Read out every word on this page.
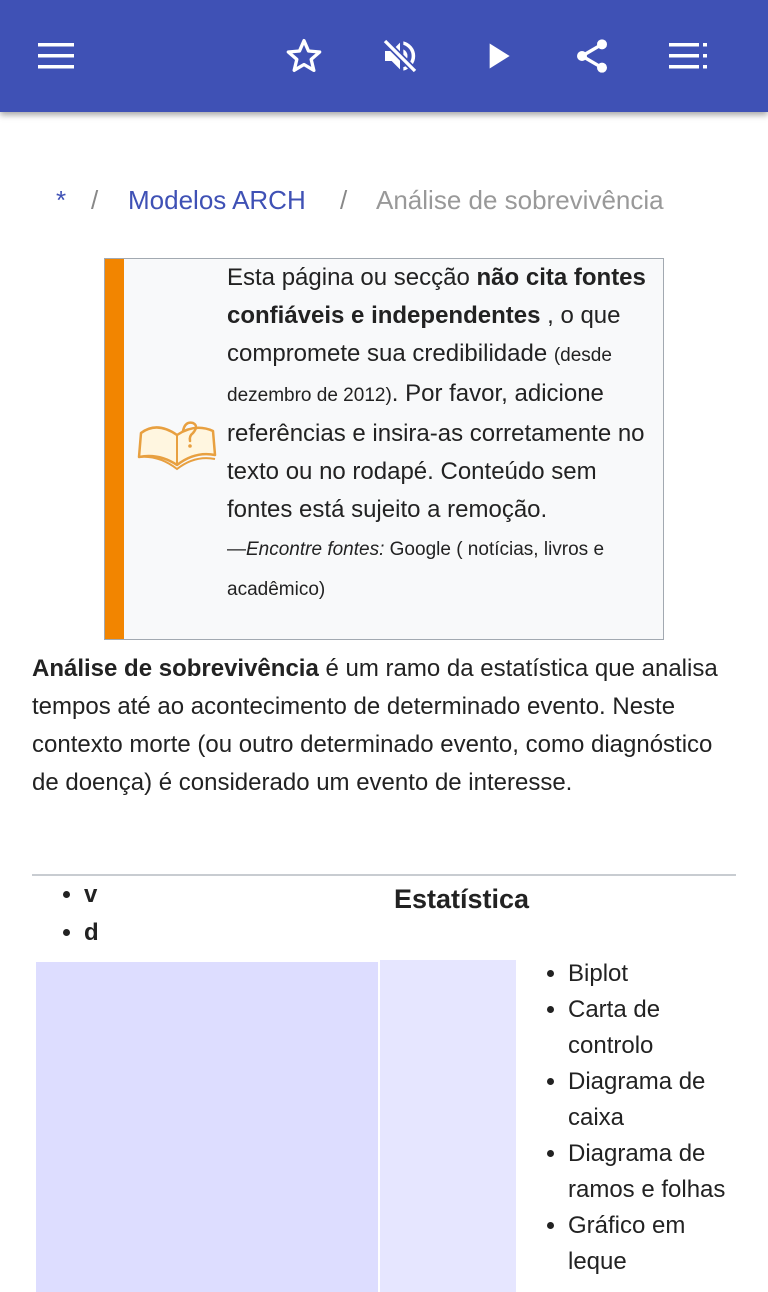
* / Modelos ARCH / Análise de sobrevivência
Esta página ou secção não cita fontes confiáveis e independentes , o que compromete sua credibilidade (desde dezembro de 2012). Por favor, adicione referências e insira-as corretamente no texto ou no rodapé. Conteúdo sem fontes está sujeito a remoção.
—Encontre fontes: Google ( notícias, livros e acadêmico)
Análise de sobrevivência é um ramo da estatística que analisa tempos até ao acontecimento de determinado evento. Neste contexto morte (ou outro determinado evento, como diagnóstico de doença) é considerado um evento de interesse.
• v
• d
Estatística
• Biplot
• Carta de controlo
• Diagrama de caixa
• Diagrama de ramos e folhas
• Gráfico em leque
